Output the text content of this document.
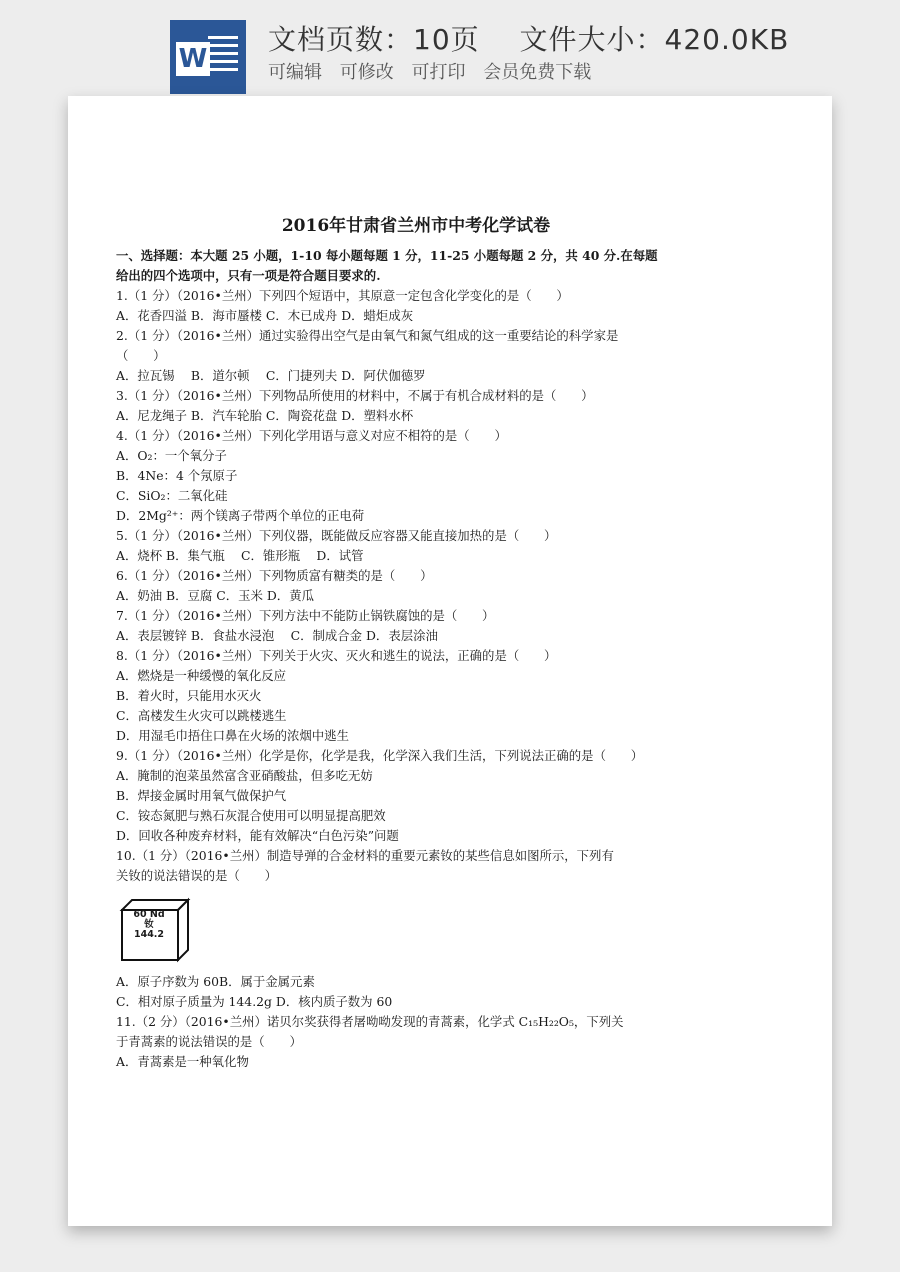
W
文档页数：10页 文件大小：420.0KB
可编辑 可修改 可打印 会员免费下载
2016年甘肃省兰州市中考化学试卷
一、选择题：本大题 25 小题，1-10 每小题每题 1 分，11-25 小题每题 2 分，共 40 分.在每题
给出的四个选项中，只有一项是符合题目要求的.
1.（1 分）（2016•兰州）下列四个短语中，其原意一定包含化学变化的是（　　）
A．花香四溢 B．海市蜃楼 C．木已成舟 D．蜡炬成灰
2.（1 分）（2016•兰州）通过实验得出空气是由氧气和氮气组成的这一重要结论的科学家是
（　　）
A．拉瓦锡　 B．道尔顿　 C．门捷列夫 D．阿伏伽德罗
3.（1 分）（2016•兰州）下列物品所使用的材料中，不属于有机合成材料的是（　　）
A．尼龙绳子 B．汽车轮胎 C．陶瓷花盘 D．塑料水杯
4.（1 分）（2016•兰州）下列化学用语与意义对应不相符的是（　　）
A．O₂：一个氧分子
B．4Ne：4 个氖原子
C．SiO₂：二氧化硅
D．2Mg²⁺：两个镁离子带两个单位的正电荷
5.（1 分）（2016•兰州）下列仪器，既能做反应容器又能直接加热的是（　　）
A．烧杯 B．集气瓶　 C．锥形瓶　 D．试管
6.（1 分）（2016•兰州）下列物质富有糖类的是（　　）
A．奶油 B．豆腐 C．玉米 D．黄瓜
7.（1 分）（2016•兰州）下列方法中不能防止锅铁腐蚀的是（　　）
A．表层镀锌 B．食盐水浸泡　 C．制成合金 D．表层涂油
8.（1 分）（2016•兰州）下列关于火灾、灭火和逃生的说法，正确的是（　　）
A．燃烧是一种缓慢的氧化反应
B．着火时，只能用水灭火
C．高楼发生火灾可以跳楼逃生
D．用湿毛巾捂住口鼻在火场的浓烟中逃生
9.（1 分）（2016•兰州）化学是你，化学是我，化学深入我们生活，下列说法正确的是（　　）
A．腌制的泡菜虽然富含亚硝酸盐，但多吃无妨
B．焊接金属时用氧气做保护气
C．铵态氮肥与熟石灰混合使用可以明显提高肥效
D．回收各种废弃材料，能有效解决“白色污染”问题
10.（1 分）（2016•兰州）制造导弹的合金材料的重要元素钕的某些信息如图所示，下列有
关钕的说法错误的是（　　）
60 Nd
钕
144.2
A．原子序数为 60B．属于金属元素
C．相对原子质量为 144.2g D．核内质子数为 60
11.（2 分）（2016•兰州）诺贝尔奖获得者屠呦呦发现的青蒿素，化学式 C₁₅H₂₂O₅，下列关
于青蒿素的说法错误的是（　　）
A．青蒿素是一种氧化物
